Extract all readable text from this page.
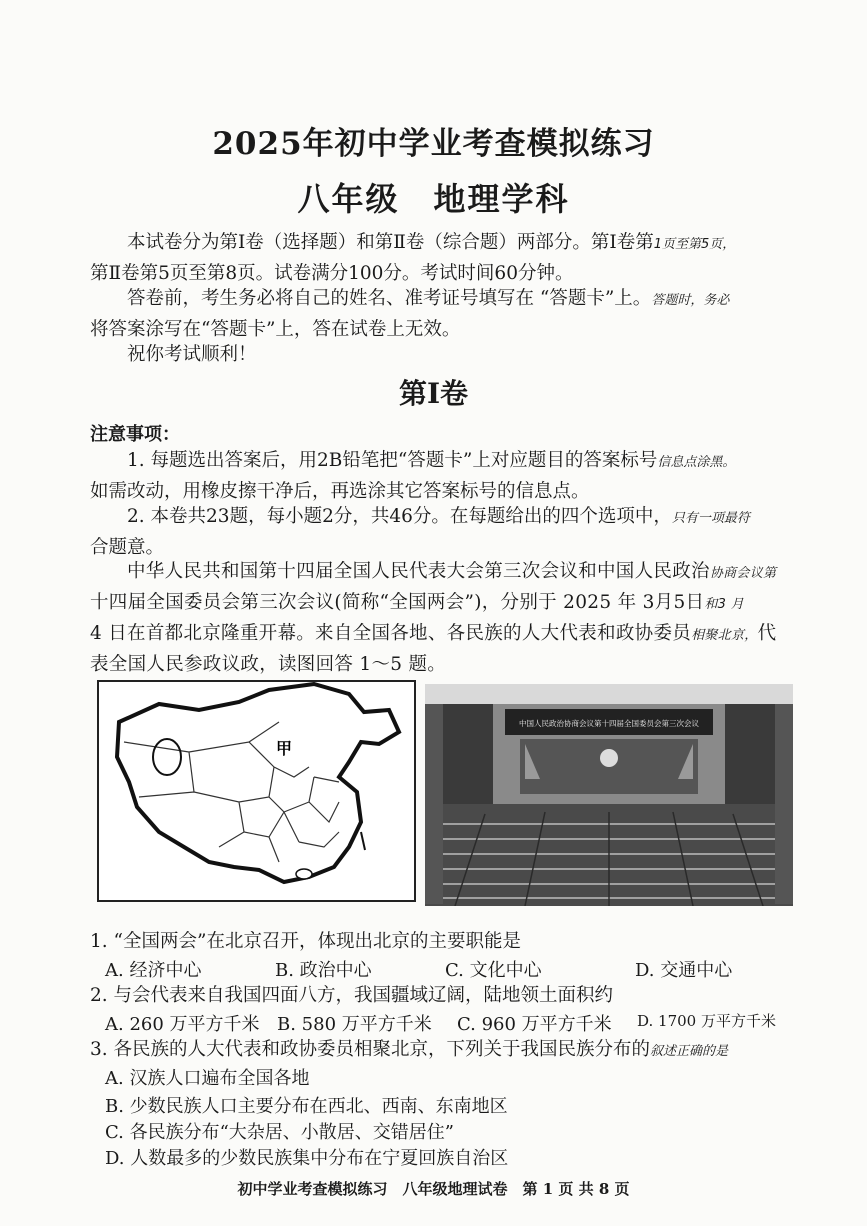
2025年初中学业考查模拟练习
八年级　地理学科
本试卷分为第Ⅰ卷（选择题）和第Ⅱ卷（综合题）两部分。第Ⅰ卷第1页至第5页，
第Ⅱ卷第5页至第8页。试卷满分100分。考试时间60分钟。
答卷前，考生务必将自己的姓名、准考证号填写在 “答题卡”上。答题时，务必
将答案涂写在“答题卡”上，答在试卷上无效。
祝你考试顺利！
第Ⅰ卷
注意事项：
1. 每题选出答案后，用2B铅笔把“答题卡”上对应题目的答案标号信息点涂黑。
如需改动，用橡皮擦干净后，再选涂其它答案标号的信息点。
2. 本卷共23题，每小题2分，共46分。在每题给出的四个选项中，只有一项最符
合题意。
中华人民共和国第十四届全国人民代表大会第三次会议和中国人民政治协商会议第
十四届全国委员会第三次会议(简称“全国两会”)，分别于 2025 年 3月5日和3 月
4 日在首都北京隆重开幕。来自全国各地、各民族的人大代表和政协委员相聚北京，代
表全国人民参政议政，读图回答 1～5 题。
甲
中国人民政治协商会议第十四届全国委员会第三次会议
1. “全国两会”在北京召开，体现出北京的主要职能是
A. 经济中心	B. 政治中心	C. 文化中心	D. 交通中心
2. 与会代表来自我国四面八方，我国疆域辽阔，陆地领土面积约
A. 260 万平方千米 B. 580 万平方千米 C. 960 万平方千米 D. 1700 万平方千米
3. 各民族的人大代表和政协委员相聚北京，下列关于我国民族分布的叙述正确的是
A. 汉族人口遍布全国各地
B. 少数民族人口主要分布在西北、西南、东南地区
C. 各民族分布“大杂居、小散居、交错居住”
D. 人数最多的少数民族集中分布在宁夏回族自治区
初中学业考查模拟练习　八年级地理试卷　第 1 页 共 8 页
